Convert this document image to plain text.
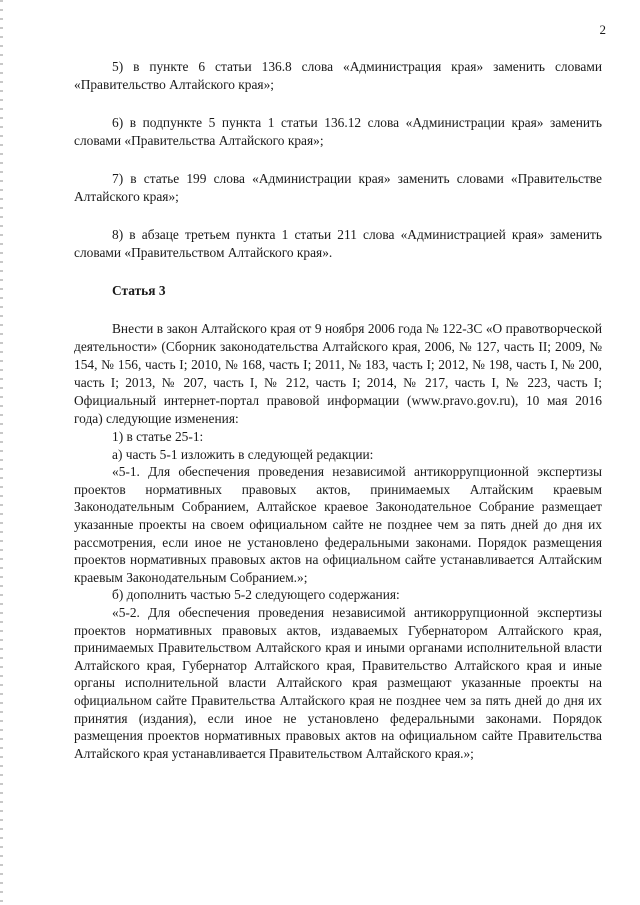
2

5) в пункте 6 статьи 136.8 слова «Администрация края» заменить словами «Правительство Алтайского края»;

6) в подпункте 5 пункта 1 статьи 136.12 слова «Администрации края» заменить словами «Правительства Алтайского края»;

7) в статье 199 слова «Администрации края» заменить словами «Правительстве Алтайского края»;

8) в абзаце третьем пункта 1 статьи 211 слова «Администрацией края» заменить словами «Правительством Алтайского края».

Статья 3

Внести в закон Алтайского края от 9 ноября 2006 года № 122-ЗС «О правотворческой деятельности» (Сборник законодательства Алтайского края, 2006, № 127, часть II; 2009, № 154, № 156, часть I; 2010, № 168, часть I; 2011, № 183, часть I; 2012, № 198, часть I, № 200, часть I; 2013, № 207, часть I, № 212, часть I; 2014, № 217, часть I, № 223, часть I; Официальный интернет-портал правовой информации (www.pravo.gov.ru), 10 мая 2016 года) следующие изменения:

1) в статье 25-1:

а) часть 5-1 изложить в следующей редакции:

«5-1. Для обеспечения проведения независимой антикоррупционной экспертизы проектов нормативных правовых актов, принимаемых Алтайским краевым Законодательным Собранием, Алтайское краевое Законодательное Собрание размещает указанные проекты на своем официальном сайте не позднее чем за пять дней до дня их рассмотрения, если иное не установлено федеральными законами. Порядок размещения проектов нормативных правовых актов на официальном сайте устанавливается Алтайским краевым Законодательным Собранием.»;

б) дополнить частью 5-2 следующего содержания:

«5-2. Для обеспечения проведения независимой антикоррупционной экспертизы проектов нормативных правовых актов, издаваемых Губернатором Алтайского края, принимаемых Правительством Алтайского края и иными органами исполнительной власти Алтайского края, Губернатор Алтайского края, Правительство Алтайского края и иные органы исполнительной власти Алтайского края размещают указанные проекты на официальном сайте Правительства Алтайского края не позднее чем за пять дней до дня их принятия (издания), если иное не установлено федеральными законами. Порядок размещения проектов нормативных правовых актов на официальном сайте Правительства Алтайского края устанавливается Правительством Алтайского края.»;
